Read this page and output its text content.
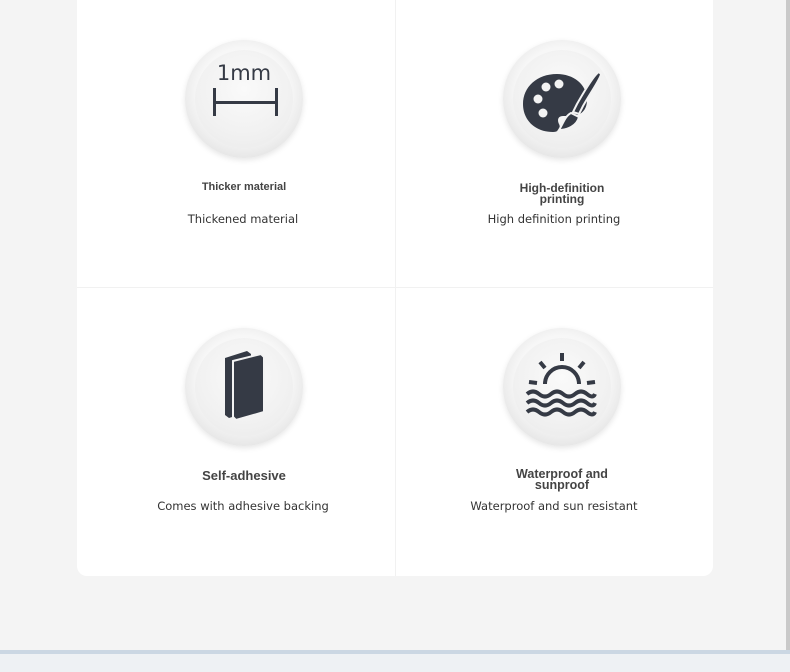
1mm
Thicker material
Thickened material
High-definition
printing
High definition printing
Self-adhesive
Comes with adhesive backing
Waterproof and
sunproof
Waterproof and sun resistant
